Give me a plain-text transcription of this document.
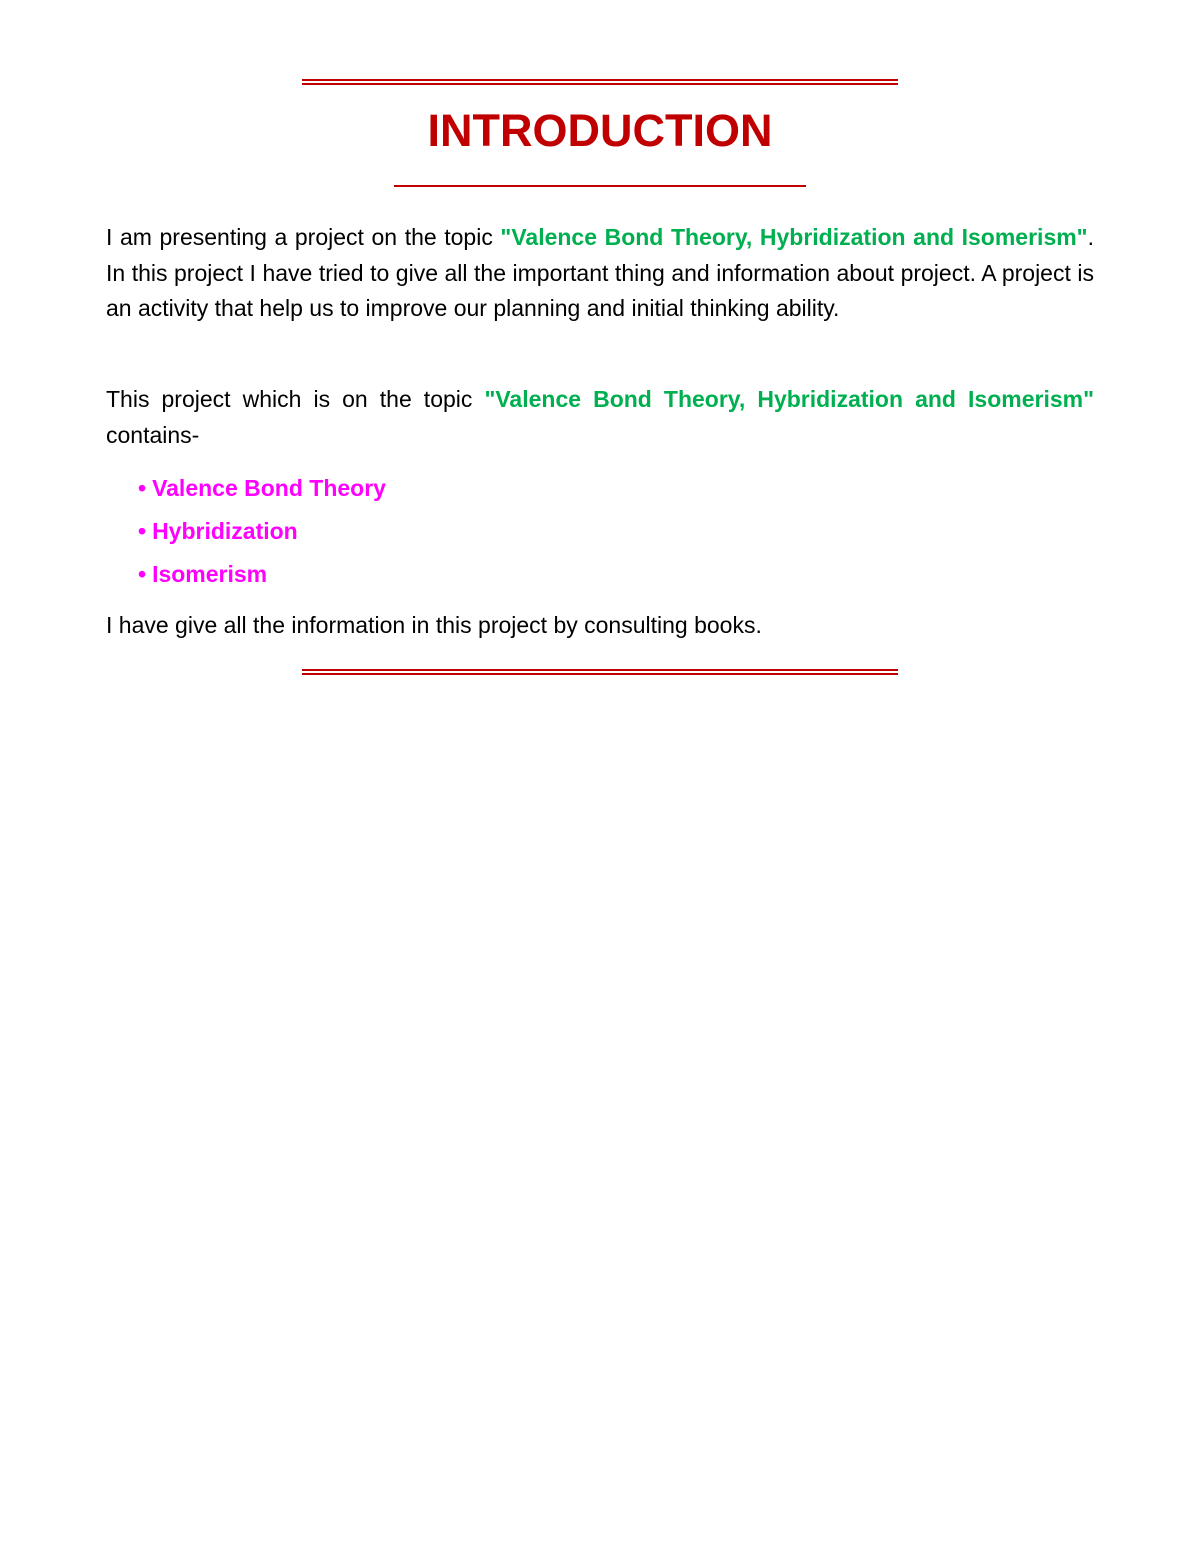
INTRODUCTION

I am presenting a project on the topic "Valence Bond Theory, Hybridization and Isomerism". In this project I have tried to give all the important thing and information about project. A project is an activity that help us to improve our planning and initial thinking ability.

This project which is on the topic "Valence Bond Theory, Hybridization and Isomerism" contains-

• Valence Bond Theory
• Hybridization
• Isomerism

I have give all the information in this project by consulting books.
